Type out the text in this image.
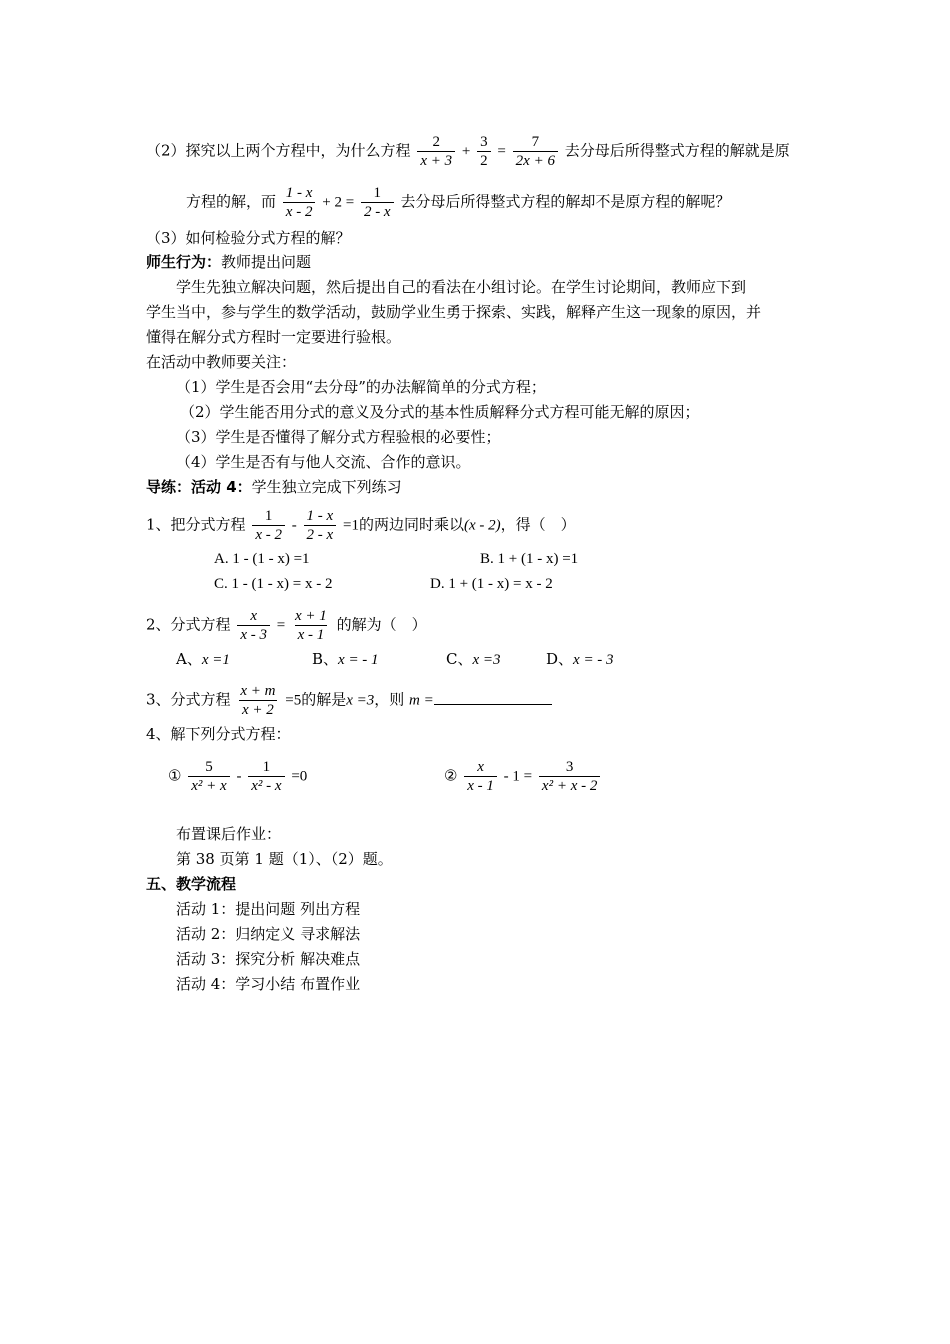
（2）探究以上两个方程中，为什么方程 $\frac{2}{x + 3} + \frac{3}{2} = \frac{7}{2x + 6}$ 去分母后所得整式方程的解就是原
方程的解，而 $\frac{1 - x}{x - 2} + 2 = \frac{1}{2 - x}$ 去分母后所得整式方程的解却不是原方程的解呢？
（3）如何检验分式方程的解？
师生行为：教师提出问题
学生先独立解决问题，然后提出自己的看法在小组讨论。在学生讨论期间，教师应下到
学生当中，参与学生的数学活动，鼓励学业生勇于探索、实践，解释产生这一现象的原因，并
懂得在解分式方程时一定要进行验根。
在活动中教师要关注：
（1）学生是否会用“去分母”的办法解简单的分式方程；
（2）学生能否用分式的意义及分式的基本性质解释分式方程可能无解的原因；
（3）学生是否懂得了解分式方程验根的必要性；
（4）学生是否有与他人交流、合作的意识。
导练：活动 4：学生独立完成下列练习
1、把分式方程 $\frac{1}{x - 2} - \frac{1 - x}{2 - x} =1$的两边同时乘以(x - 2)，得（　）
A. 1 - (1 - x) =1	B. 1 + (1 - x) =1
C. 1 - (1 - x) = x - 2	D. 1 + (1 - x) = x - 2
2、分式方程 $\frac{x}{x - 3} = \frac{x + 1}{x - 1}$ 的解为（　）
A、x =1	B、x = - 1	C、x =3	D、x = - 3
3、分式方程 $\frac{x + m}{x + 2} =5$的解是x =3，则 m =
4、解下列分式方程：
① $\frac{5}{\text{x² + x}} - \frac{1}{\text{x² - x}} =0$	② $\frac{x}{x - 1} - 1 = \frac{3}{\text{x² + x - 2}}$
布置课后作业：
第 38 页第 1 题（1）、（2）题。
五、教学流程
活动 1：提出问题 列出方程
活动 2：归纳定义 寻求解法
活动 3：探究分析 解决难点
活动 4：学习小结 布置作业
